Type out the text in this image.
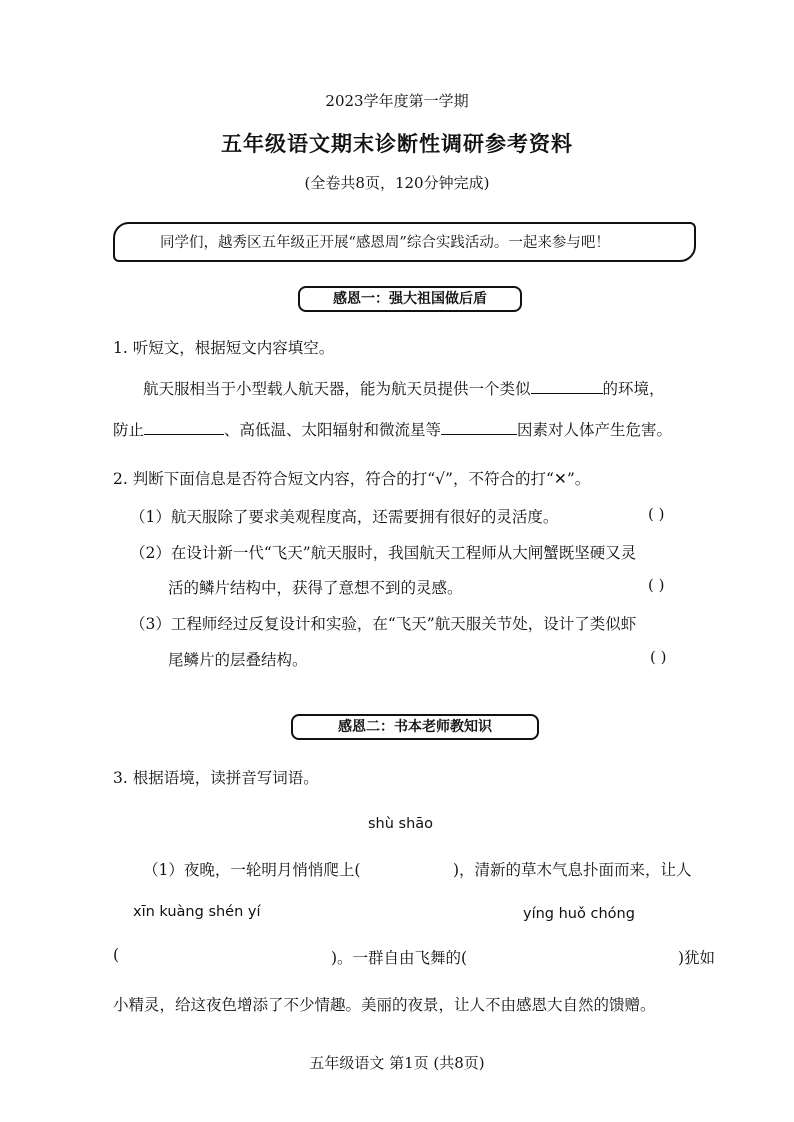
2023学年度第一学期
五年级语文期末诊断性调研参考资料
(全卷共8页，120分钟完成)
同学们，越秀区五年级正开展“感恩周”综合实践活动。一起来参与吧！
感恩一：强大祖国做后盾
1. 听短文，根据短文内容填空。
航天服相当于小型载人航天器，能为航天员提供一个类似	的环境，
防止	、高低温、太阳辐射和微流星等	因素对人体产生危害。
2. 判断下面信息是否符合短文内容，符合的打“√”，不符合的打“✕”。
（1）航天服除了要求美观程度高，还需要拥有很好的灵活度。	( )
（2）在设计新一代“飞天”航天服时，我国航天工程师从大闸蟹既坚硬又灵
活的鳞片结构中，获得了意想不到的灵感。	( )
（3）工程师经过反复设计和实验，在“飞天”航天服关节处，设计了类似虾
尾鳞片的层叠结构。	( )
感恩二：书本老师教知识
3. 根据语境，读拼音写词语。
shù shāo
（1）夜晚，一轮明月悄悄爬上(	)，清新的草木气息扑面而来，让人
xīn kuàng shén yí	yíng huǒ chóng
(	)。一群自由飞舞的(	)犹如
小精灵，给这夜色增添了不少情趣。美丽的夜景，让人不由感恩大自然的馈赠。
五年级语文 第1页 (共8页)
